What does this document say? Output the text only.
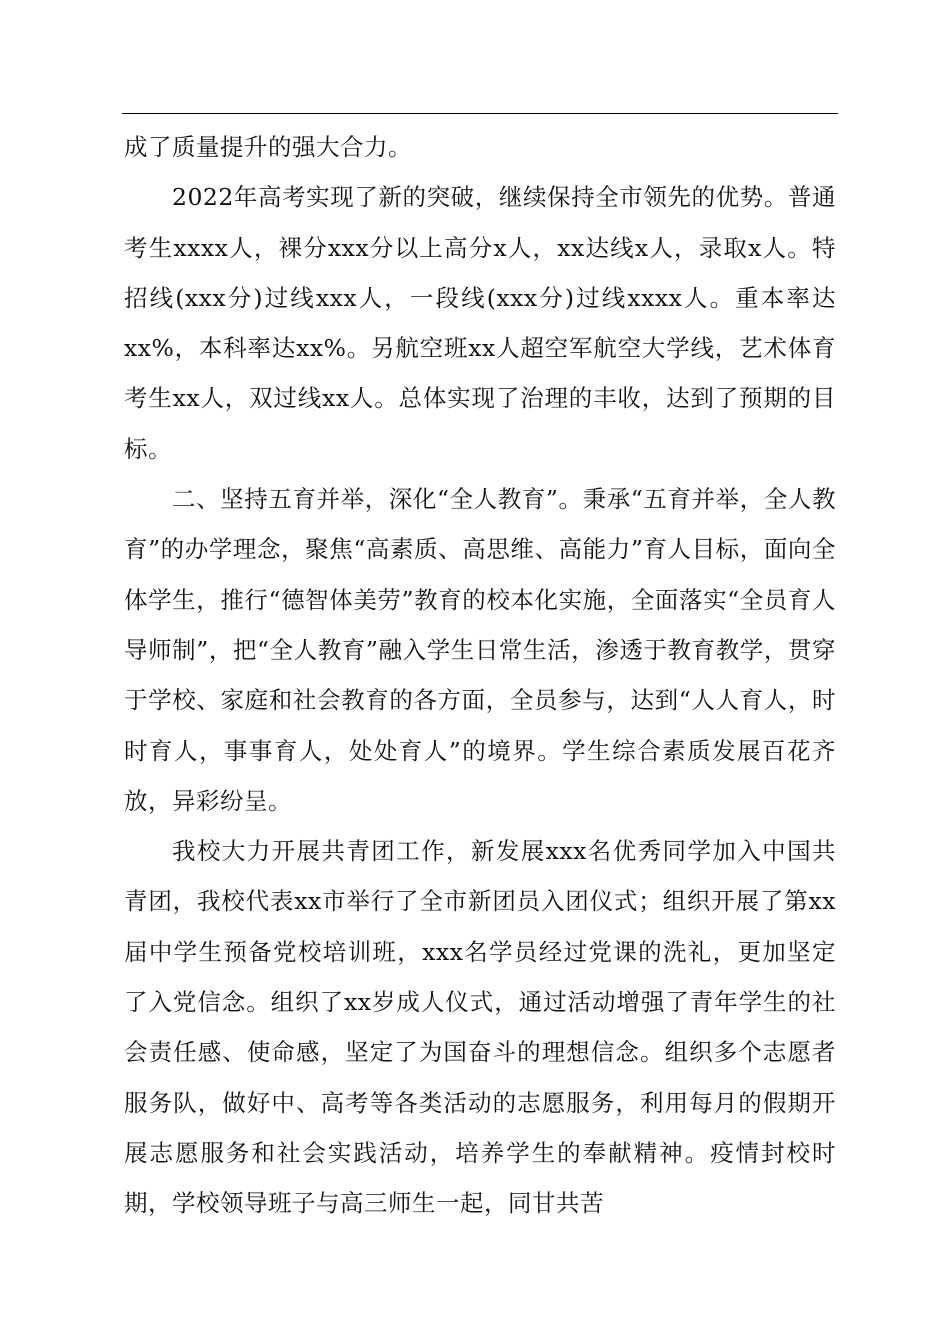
成了质量提升的强大合力。

2022年高考实现了新的突破，继续保持全市领先的优势。普通考生xxxx人，裸分xxx分以上高分x人，xx达线x人，录取x人。特招线(xxx分)过线xxx人，一段线(xxx分)过线xxxx人。重本率达xx%，本科率达xx%。另航空班xx人超空军航空大学线，艺术体育考生xx人，双过线xx人。总体实现了治理的丰收，达到了预期的目标。

二、坚持五育并举，深化“全人教育”。秉承“五育并举，全人教育”的办学理念，聚焦“高素质、高思维、高能力”育人目标，面向全体学生，推行“德智体美劳”教育的校本化实施，全面落实“全员育人导师制”，把“全人教育”融入学生日常生活，渗透于教育教学，贯穿于学校、家庭和社会教育的各方面，全员参与，达到“人人育人，时时育人，事事育人，处处育人”的境界。学生综合素质发展百花齐放，异彩纷呈。

我校大力开展共青团工作，新发展xxx名优秀同学加入中国共青团，我校代表xx市举行了全市新团员入团仪式；组织开展了第xx届中学生预备党校培训班，xxx名学员经过党课的洗礼，更加坚定了入党信念。组织了xx岁成人仪式，通过活动增强了青年学生的社会责任感、使命感，坚定了为国奋斗的理想信念。组织多个志愿者服务队，做好中、高考等各类活动的志愿服务，利用每月的假期开展志愿服务和社会实践活动，培养学生的奉献精神。疫情封校时期，学校领导班子与高三师生一起，同甘共苦
